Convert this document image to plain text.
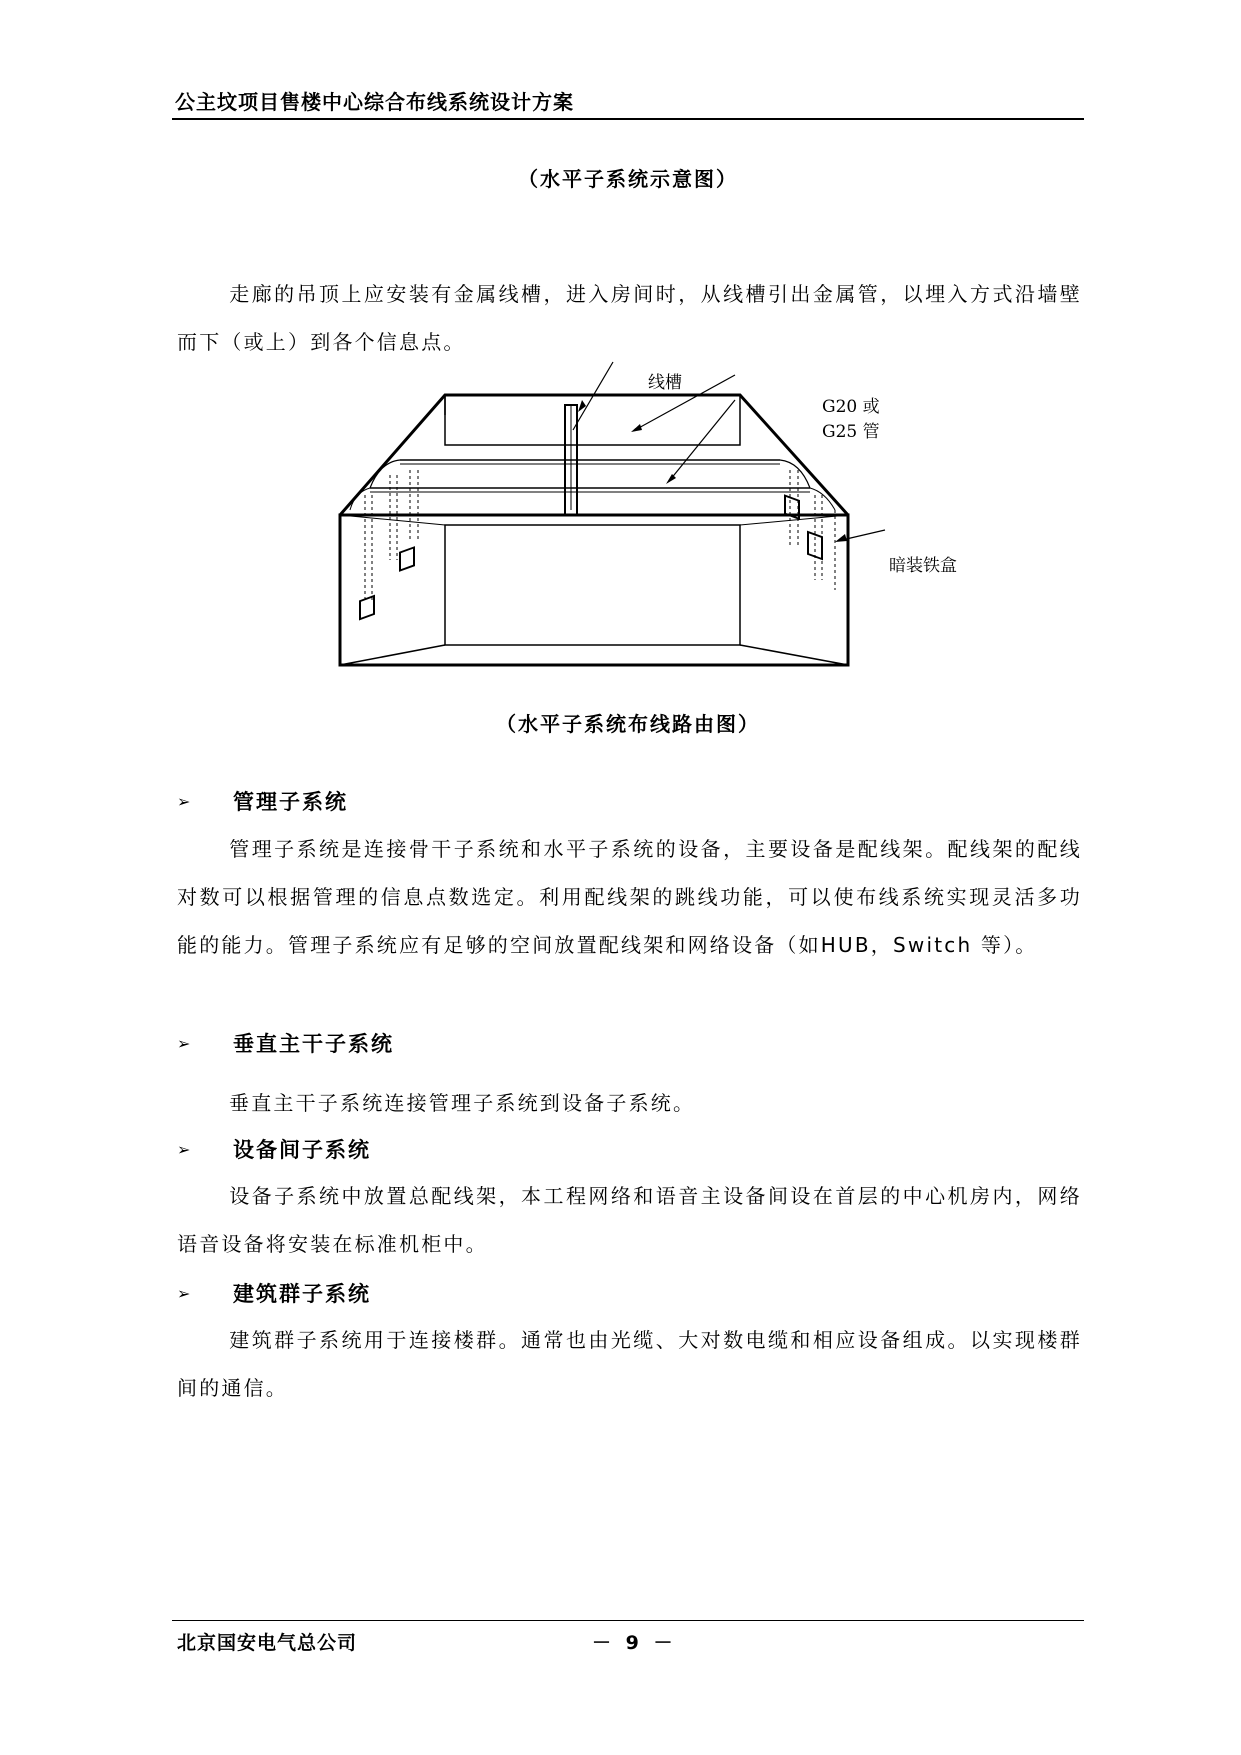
公主坟项目售楼中心综合布线系统设计方案
（水平子系统示意图）
走廊的吊顶上应安装有金属线槽，进入房间时，从线槽引出金属管，以埋入方式沿墙壁而下（或上）到各个信息点。
线槽
G20 或
G25 管
暗装铁盒
（水平子系统布线路由图）
➢	管理子系统
管理子系统是连接骨干子系统和水平子系统的设备，主要设备是配线架。配线架的配线对数可以根据管理的信息点数选定。利用配线架的跳线功能，可以使布线系统实现灵活多功能的能力。管理子系统应有足够的空间放置配线架和网络设备（如HUB，Switch 等）。
➢	垂直主干子系统
垂直主干子系统连接管理子系统到设备子系统。
➢	设备间子系统
设备子系统中放置总配线架，本工程网络和语音主设备间设在首层的中心机房内，网络语音设备将安装在标准机柜中。
➢	建筑群子系统
建筑群子系统用于连接楼群。通常也由光缆、大对数电缆和相应设备组成。以实现楼群间的通信。
北京国安电气总公司	－ 9 －
